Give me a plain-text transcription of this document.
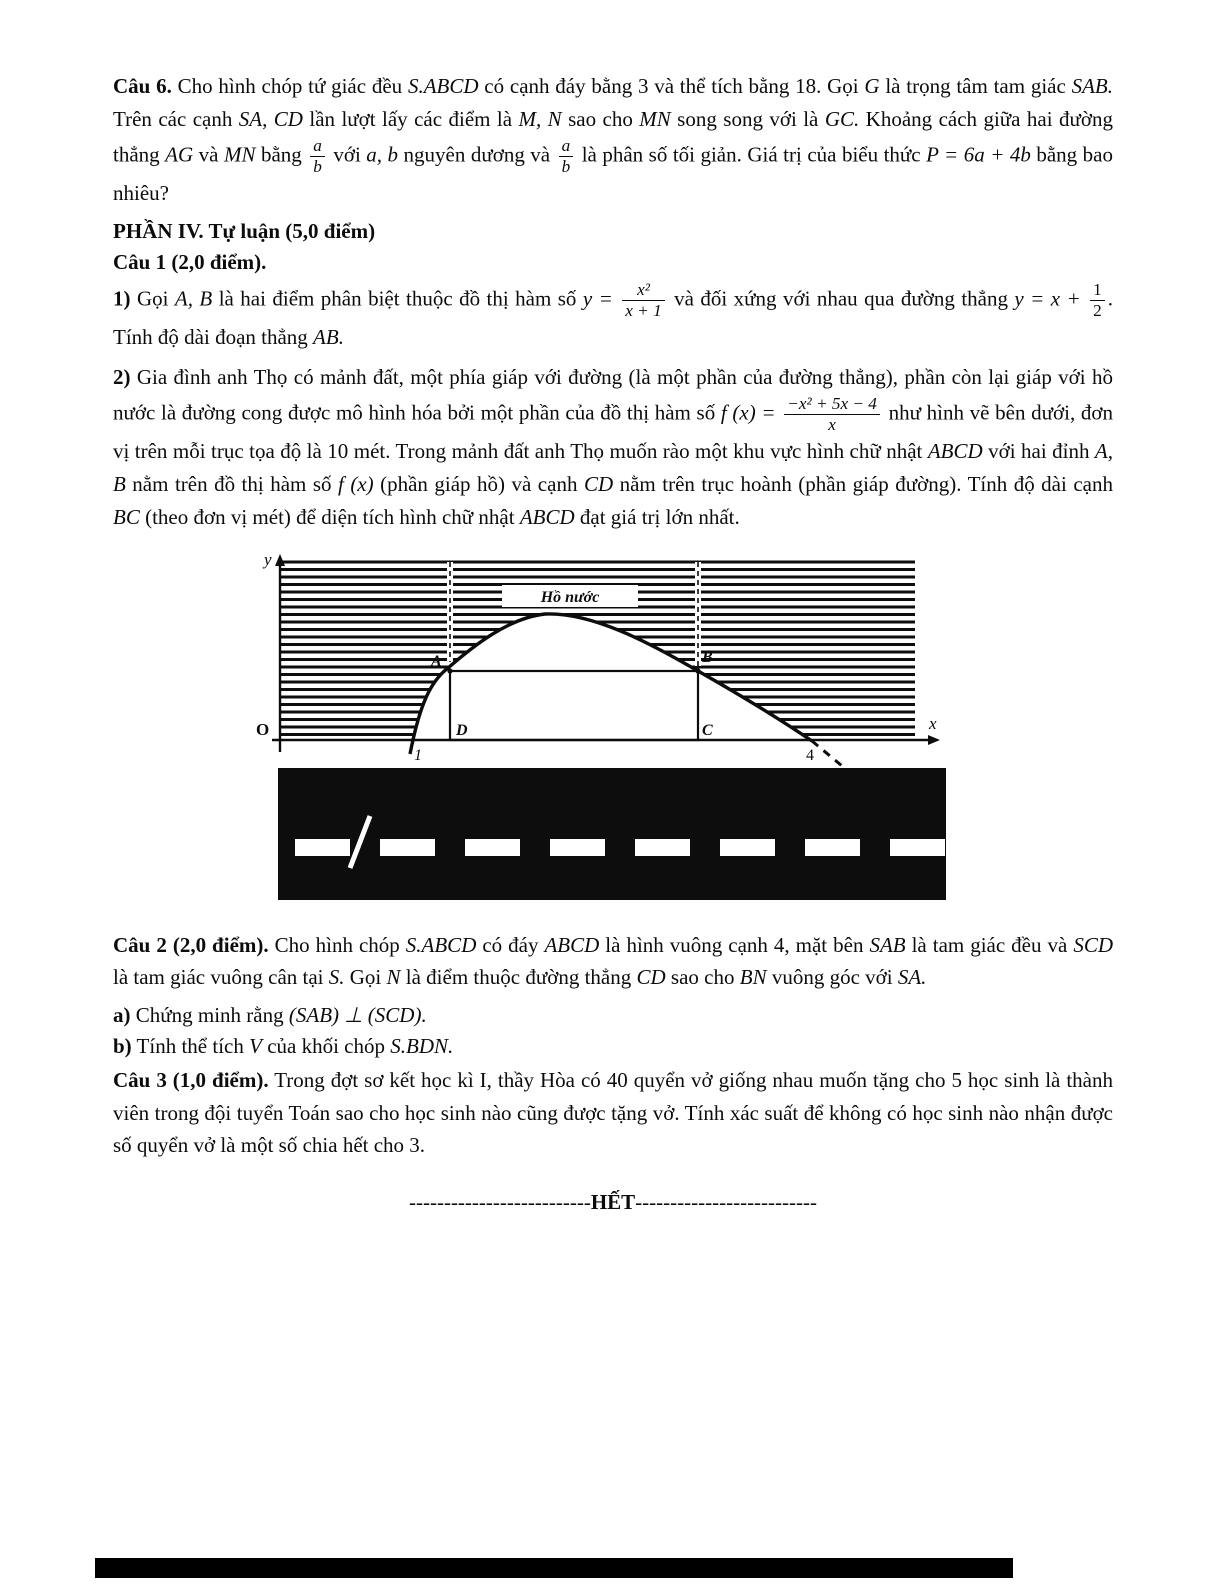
Câu 6. Cho hình chóp tứ giác đều S.ABCD có cạnh đáy bằng 3 và thể tích bằng 18. Gọi G là trọng tâm tam giác SAB. Trên các cạnh SA, CD lần lượt lấy các điểm là M, N sao cho MN song song với là GC. Khoảng cách giữa hai đường thẳng AG và MN bằng $\frac{a}{b}$ với a, b nguyên dương và $\frac{a}{b}$ là phân số tối giản. Giá trị của biểu thức P = 6a + 4b bằng bao nhiêu?

PHẦN IV. Tự luận (5,0 điểm)

Câu 1 (2,0 điểm).

1) Gọi A, B là hai điểm phân biệt thuộc đồ thị hàm số $y = \frac{\text{x²}}{x + 1}$ và đối xứng với nhau qua đường thẳng $y = x + \frac{1}{2}$ . Tính độ dài đoạn thẳng AB.

2) Gia đình anh Thọ có mảnh đất, một phía giáp với đường (là một phần của đường thẳng), phần còn lại giáp với hồ nước là đường cong được mô hình hóa bởi một phần của đồ thị hàm số f $(x) = \frac{\text{−x² + 5x − 4}}{x}$ như hình vẽ bên dưới, đơn vị trên mỗi trục tọa độ là 10 mét. Trong mảnh đất anh Thọ muốn rào một khu vực hình chữ nhật ABCD với hai đỉnh A, B nằm trên đồ thị hàm số f (x) (phần giáp hồ) và cạnh CD nằm trên trục hoành (phần giáp đường). Tính độ dài cạnh BC (theo đơn vị mét) để diện tích hình chữ nhật ABCD đạt giá trị lớn nhất.

Hồ nước
y
x
O
A	B
D	C
1	4

Câu 2 (2,0 điểm). Cho hình chóp S.ABCD có đáy ABCD là hình vuông cạnh 4, mặt bên SAB là tam giác đều và SCD là tam giác vuông cân tại S. Gọi N là điểm thuộc đường thẳng CD sao cho BN vuông góc với SA.

a) Chứng minh rằng (SAB) ⊥ (SCD).

b) Tính thể tích V của khối chóp S.BDN.

Câu 3 (1,0 điểm). Trong đợt sơ kết học kì I, thầy Hòa có 40 quyển vở giống nhau muốn tặng cho 5 học sinh là thành viên trong đội tuyển Toán sao cho học sinh nào cũng được tặng vở. Tính xác suất để không có học sinh nào nhận được số quyển vở là một số chia hết cho 3.

--------------------------HẾT--------------------------
